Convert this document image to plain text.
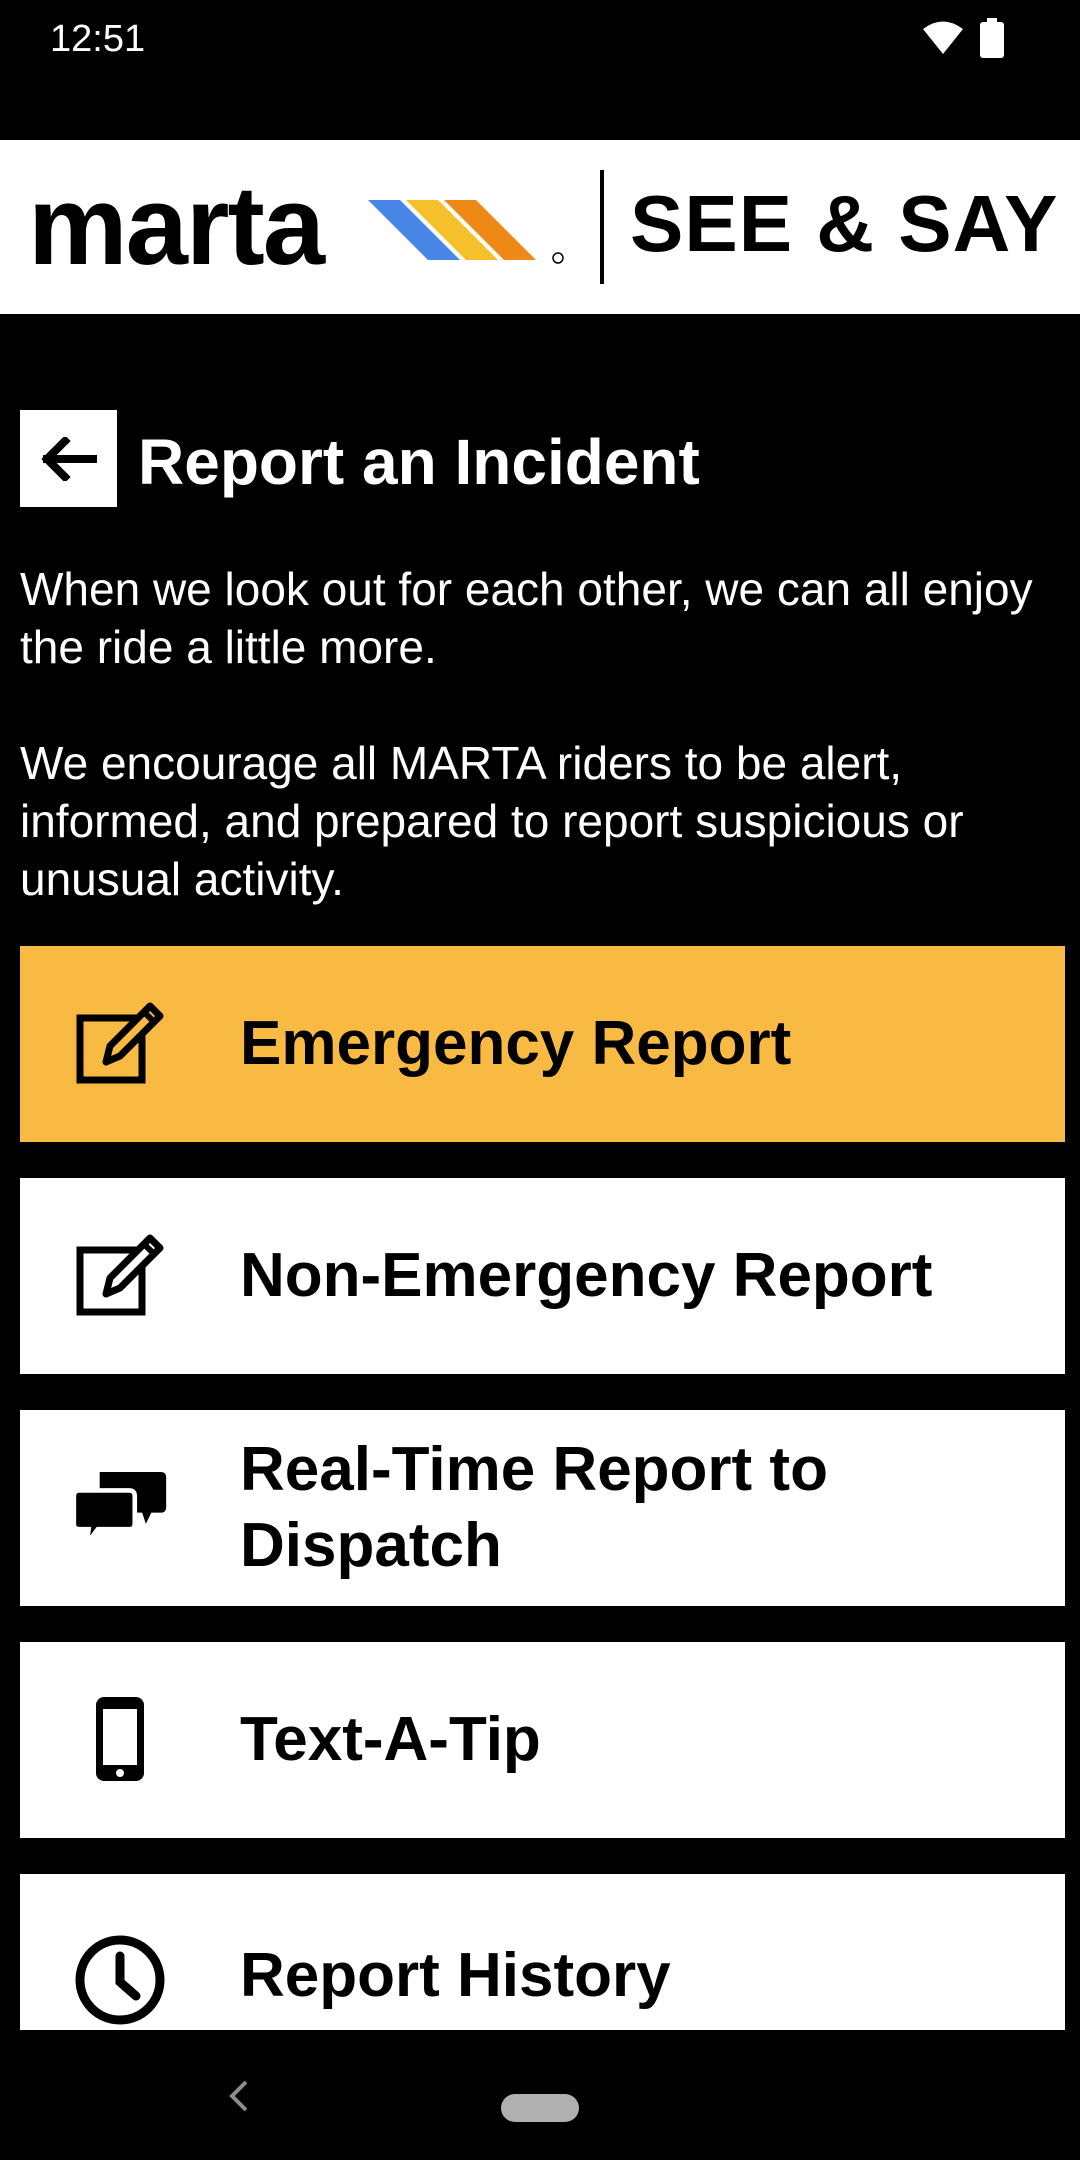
12:51
marta	SEE & SAY
Report an Incident

When we look out for each other, we can all enjoy the ride a little more.

We encourage all MARTA riders to be alert, informed, and prepared to report suspicious or unusual activity.

Emergency Report
Non-Emergency Report
Real-Time Report to Dispatch
Text-A-Tip
Report History
